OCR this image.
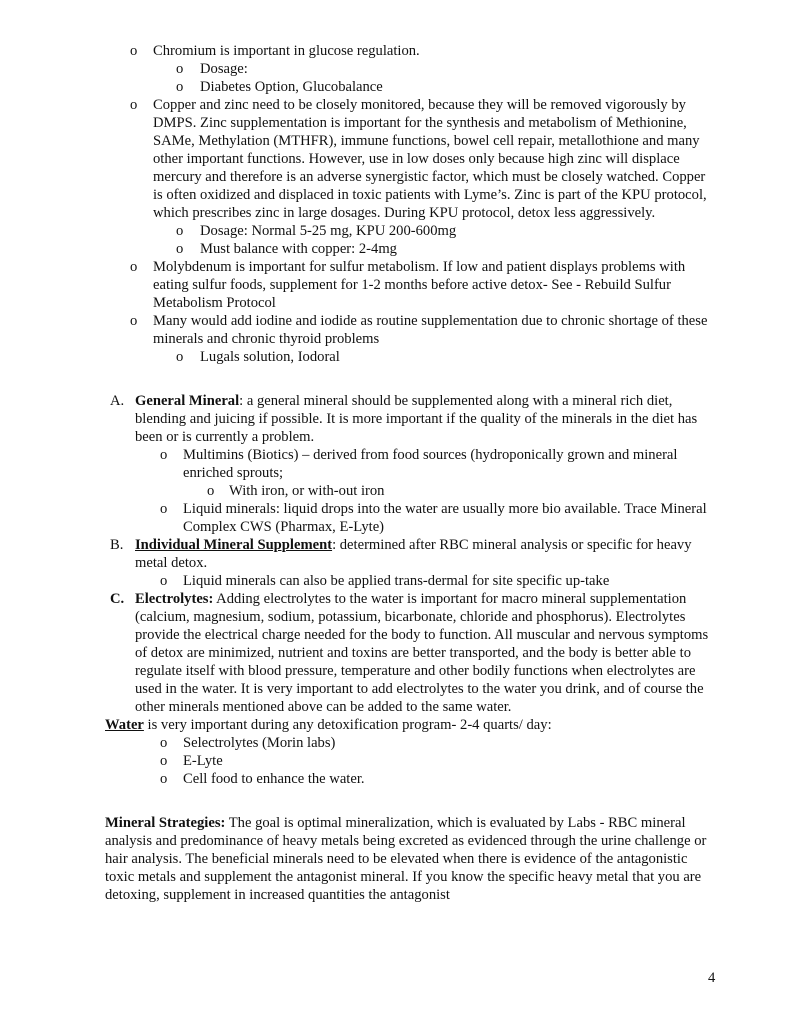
o
Chromium is important in glucose regulation.
o
Dosage:
o
Diabetes Option, Glucobalance
o
Copper and zinc need to be closely monitored, because they will be removed vigorously by DMPS. Zinc supplementation is important for the synthesis and metabolism of Methionine, SAMe, Methylation (MTHFR), immune functions, bowel cell repair, metallothione and many other important functions. However, use in low doses only because high zinc will displace mercury and therefore is an adverse synergistic factor, which must be closely watched. Copper is often oxidized and displaced in toxic patients with Lyme’s. Zinc is part of the KPU protocol, which prescribes zinc in large dosages. During KPU protocol, detox less aggressively.
o
Dosage: Normal 5-25 mg, KPU 200-600mg
o
Must balance with copper: 2-4mg
o
Molybdenum is important for sulfur metabolism. If low and patient displays problems with eating sulfur foods, supplement for 1-2 months before active detox- See - Rebuild Sulfur Metabolism Protocol
o
Many would add iodine and iodide as routine supplementation due to chronic shortage of these minerals and chronic thyroid problems
o
Lugals solution, Iodoral
A. General Mineral: a general mineral should be supplemented along with a mineral rich diet, blending and juicing if possible. It is more important if the quality of the minerals in the diet has been or is currently a problem.
o
Multimins (Biotics) – derived from food sources (hydroponically grown and mineral enriched sprouts;
o
With iron, or with-out iron
o
Liquid minerals: liquid drops into the water are usually more bio available. Trace Mineral Complex CWS (Pharmax, E-Lyte)
B. Individual Mineral Supplement: determined after RBC mineral analysis or specific for heavy metal detox.
o
Liquid minerals can also be applied trans-dermal for site specific up-take
C. Electrolytes: Adding electrolytes to the water is important for macro mineral supplementation (calcium, magnesium, sodium, potassium, bicarbonate, chloride and phosphorus). Electrolytes provide the electrical charge needed for the body to function. All muscular and nervous symptoms of detox are minimized, nutrient and toxins are better transported, and the body is better able to regulate itself with blood pressure, temperature and other bodily functions when electrolytes are used in the water. It is very important to add electrolytes to the water you drink, and of course the other minerals mentioned above can be added to the same water.
Water is very important during any detoxification program- 2-4 quarts/ day:
o
Selectrolytes (Morin labs)
o
E-Lyte
o
Cell food to enhance the water.
Mineral Strategies: The goal is optimal mineralization, which is evaluated by Labs - RBC mineral analysis and predominance of heavy metals being excreted as evidenced through the urine challenge or hair analysis. The beneficial minerals need to be elevated when there is evidence of the antagonistic toxic metals and supplement the antagonist mineral. If you know the specific heavy metal that you are detoxing, supplement in increased quantities the antagonist
4
